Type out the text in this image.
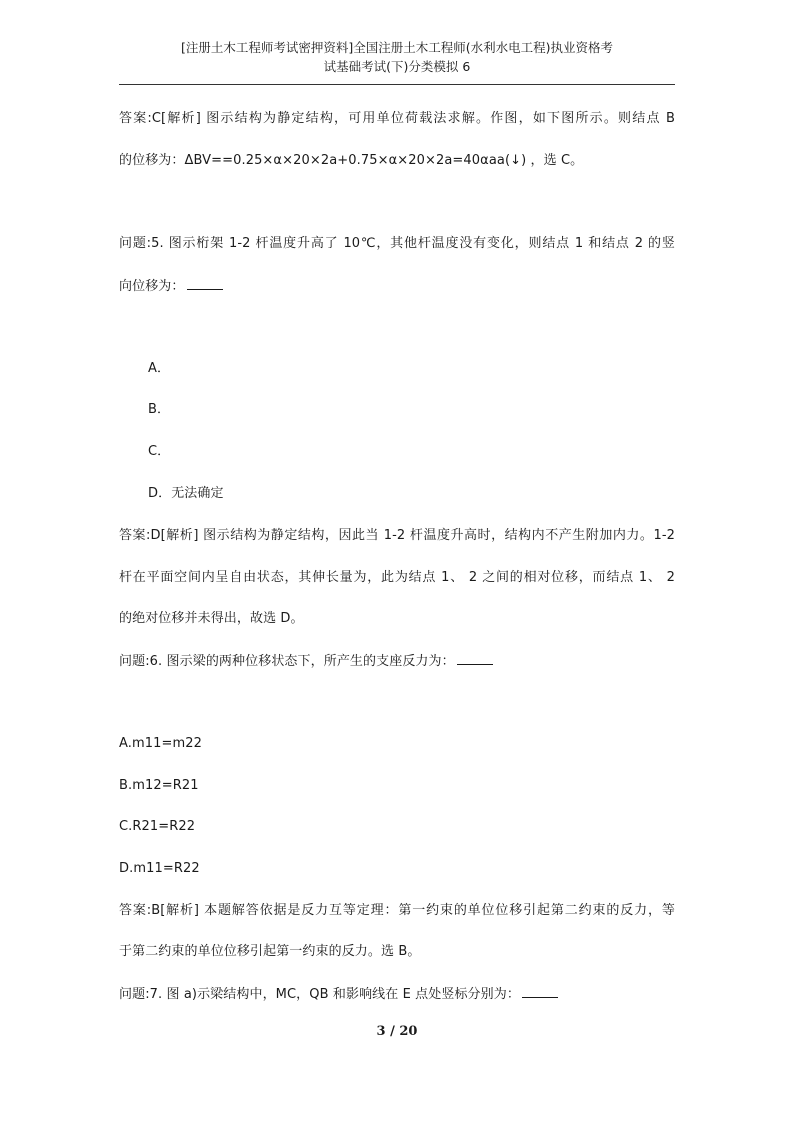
[注册土木工程师考试密押资料]全国注册土木工程师(水利水电工程)执业资格考
试基础考试(下)分类模拟 6
答案:C[解析] 图示结构为静定结构，可用单位荷载法求解。作图，如下图所示。则结点 B
的位移为：ΔBV==0.25×α×20×2a+0.75×α×20×2a=40αaa(↓) ，选 C。
问题:5. 图示桁架 1-2 杆温度升高了 10℃，其他杆温度没有变化，则结点 1 和结点 2 的竖
向位移为：
A．
B．
C．
D．无法确定
答案:D[解析] 图示结构为静定结构，因此当 1-2 杆温度升高时，结构内不产生附加内力。1-2
杆在平面空间内呈自由状态，其伸长量为，此为结点 1、 2 之间的相对位移，而结点 1、 2
的绝对位移并未得出，故选 D。
问题:6. 图示梁的两种位移状态下，所产生的支座反力为：
A.m11=m22
B.m12=R21
C.R21=R22
D.m11=R22
答案:B[解析] 本题解答依据是反力互等定理：第一约束的单位位移引起第二约束的反力，等
于第二约束的单位位移引起第一约束的反力。选 B。
问题:7. 图 a)示梁结构中，MC，QB 和影响线在 E 点处竖标分别为：
3 / 20
